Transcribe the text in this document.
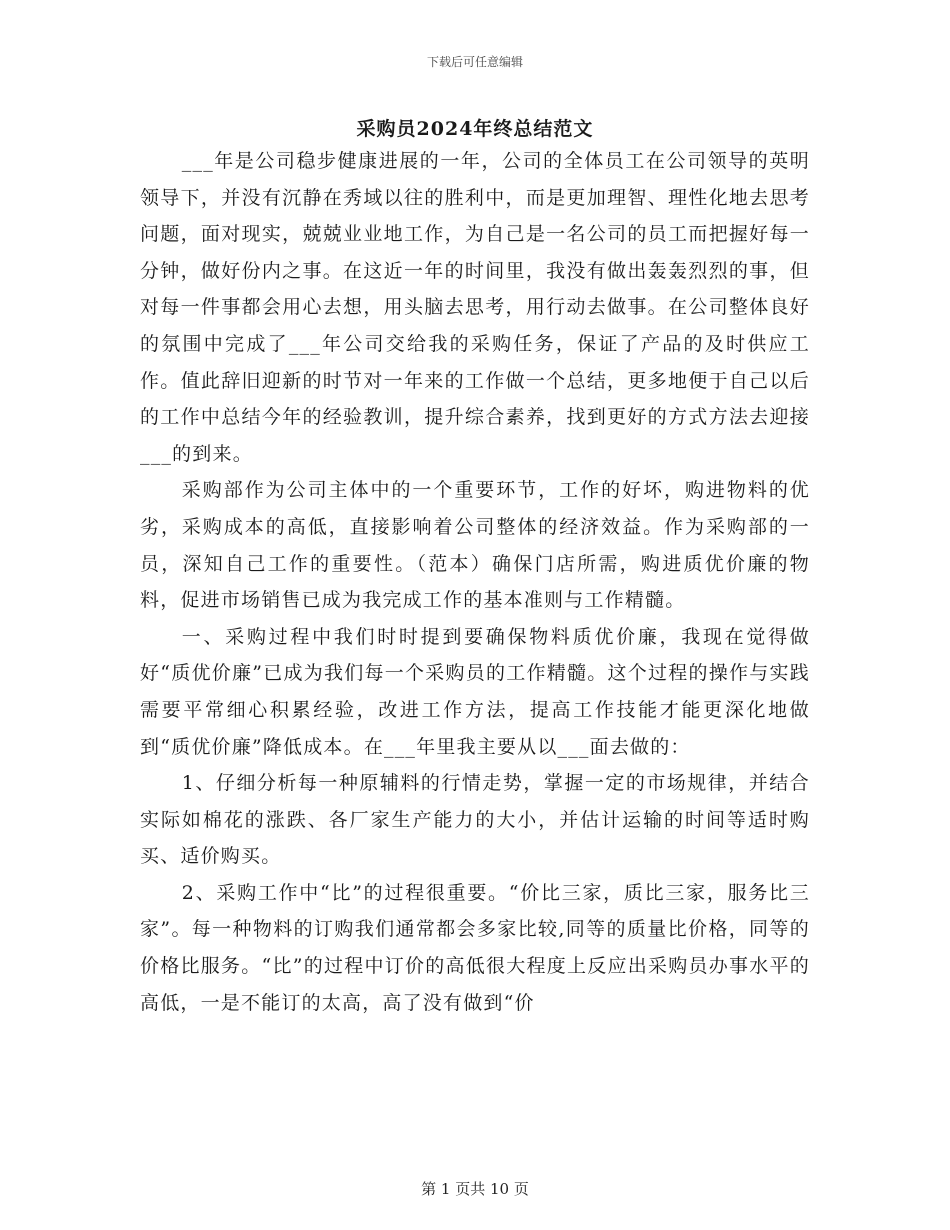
下载后可任意编辑
采购员2024年终总结范文

___年是公司稳步健康进展的一年，公司的全体员工在公司领导的英明领导下，并没有沉静在秀域以往的胜利中，而是更加理智、理性化地去思考问题，面对现实，兢兢业业地工作，为自己是一名公司的员工而把握好每一分钟，做好份内之事。在这近一年的时间里，我没有做出轰轰烈烈的事，但对每一件事都会用心去想，用头脑去思考，用行动去做事。在公司整体良好的氛围中完成了___年公司交给我的采购任务，保证了产品的及时供应工作。值此辞旧迎新的时节对一年来的工作做一个总结，更多地便于自己以后的工作中总结今年的经验教训，提升综合素养，找到更好的方式方法去迎接___的到来。

采购部作为公司主体中的一个重要环节，工作的好坏，购进物料的优劣，采购成本的高低，直接影响着公司整体的经济效益。作为采购部的一员，深知自己工作的重要性。（范本）确保门店所需，购进质优价廉的物料，促进市场销售已成为我完成工作的基本准则与工作精髓。

一、采购过程中我们时时提到要确保物料质优价廉，我现在觉得做好“质优价廉”已成为我们每一个采购员的工作精髓。这个过程的操作与实践需要平常细心积累经验，改进工作方法，提高工作技能才能更深化地做到“质优价廉”降低成本。在___年里我主要从以___面去做的：

1、仔细分析每一种原辅料的行情走势，掌握一定的市场规律，并结合实际如棉花的涨跌、各厂家生产能力的大小，并估计运输的时间等适时购买、适价购买。

2、采购工作中“比”的过程很重要。“价比三家，质比三家，服务比三家”。每一种物料的订购我们通常都会多家比较,同等的质量比价格，同等的价格比服务。“比”的过程中订价的高低很大程度上反应出采购员办事水平的高低，一是不能订的太高，高了没有做到“价

第 1 页共 10 页
